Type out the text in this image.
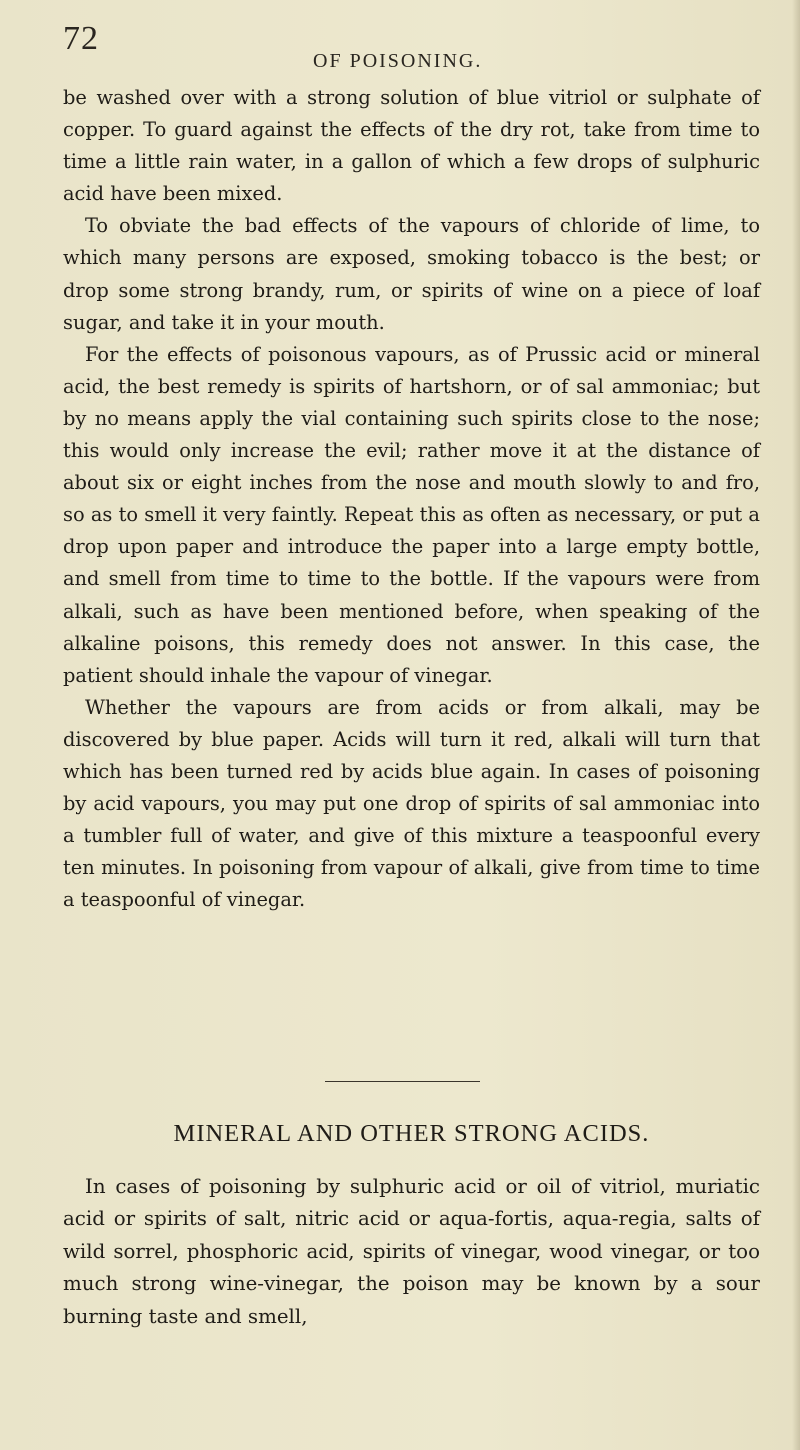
72
OF POISONING.

be washed over with a strong solution of blue vitriol or sulphate of copper. To guard against the effects of the dry rot, take from time to time a little rain water, in a gallon of which a few drops of sulphuric acid have been mixed.

To obviate the bad effects of the vapours of chloride of lime, to which many persons are exposed, smoking tobacco is the best; or drop some strong brandy, rum, or spirits of wine on a piece of loaf sugar, and take it in your mouth.

For the effects of poisonous vapours, as of Prussic acid or mineral acid, the best remedy is spirits of hartshorn, or of sal ammoniac; but by no means apply the vial containing such spirits close to the nose; this would only increase the evil; rather move it at the distance of about six or eight inches from the nose and mouth slowly to and fro, so as to smell it very faintly. Repeat this as often as necessary, or put a drop upon paper and introduce the paper into a large empty bottle, and smell from time to time to the bottle. If the vapours were from alkali, such as have been mentioned before, when speaking of the alkaline poisons, this remedy does not answer. In this case, the patient should inhale the vapour of vinegar.

Whether the vapours are from acids or from alkali, may be discovered by blue paper. Acids will turn it red, alkali will turn that which has been turned red by acids blue again. In cases of poisoning by acid vapours, you may put one drop of spirits of sal ammoniac into a tumbler full of water, and give of this mixture a teaspoonful every ten minutes. In poisoning from vapour of alkali, give from time to time a teaspoonful of vinegar.

MINERAL AND OTHER STRONG ACIDS.

In cases of poisoning by sulphuric acid or oil of vitriol, muriatic acid or spirits of salt, nitric acid or aqua-fortis, aqua-regia, salts of wild sorrel, phosphoric acid, spirits of vinegar, wood vinegar, or too much strong wine-vinegar, the poison may be known by a sour burning taste and smell,
